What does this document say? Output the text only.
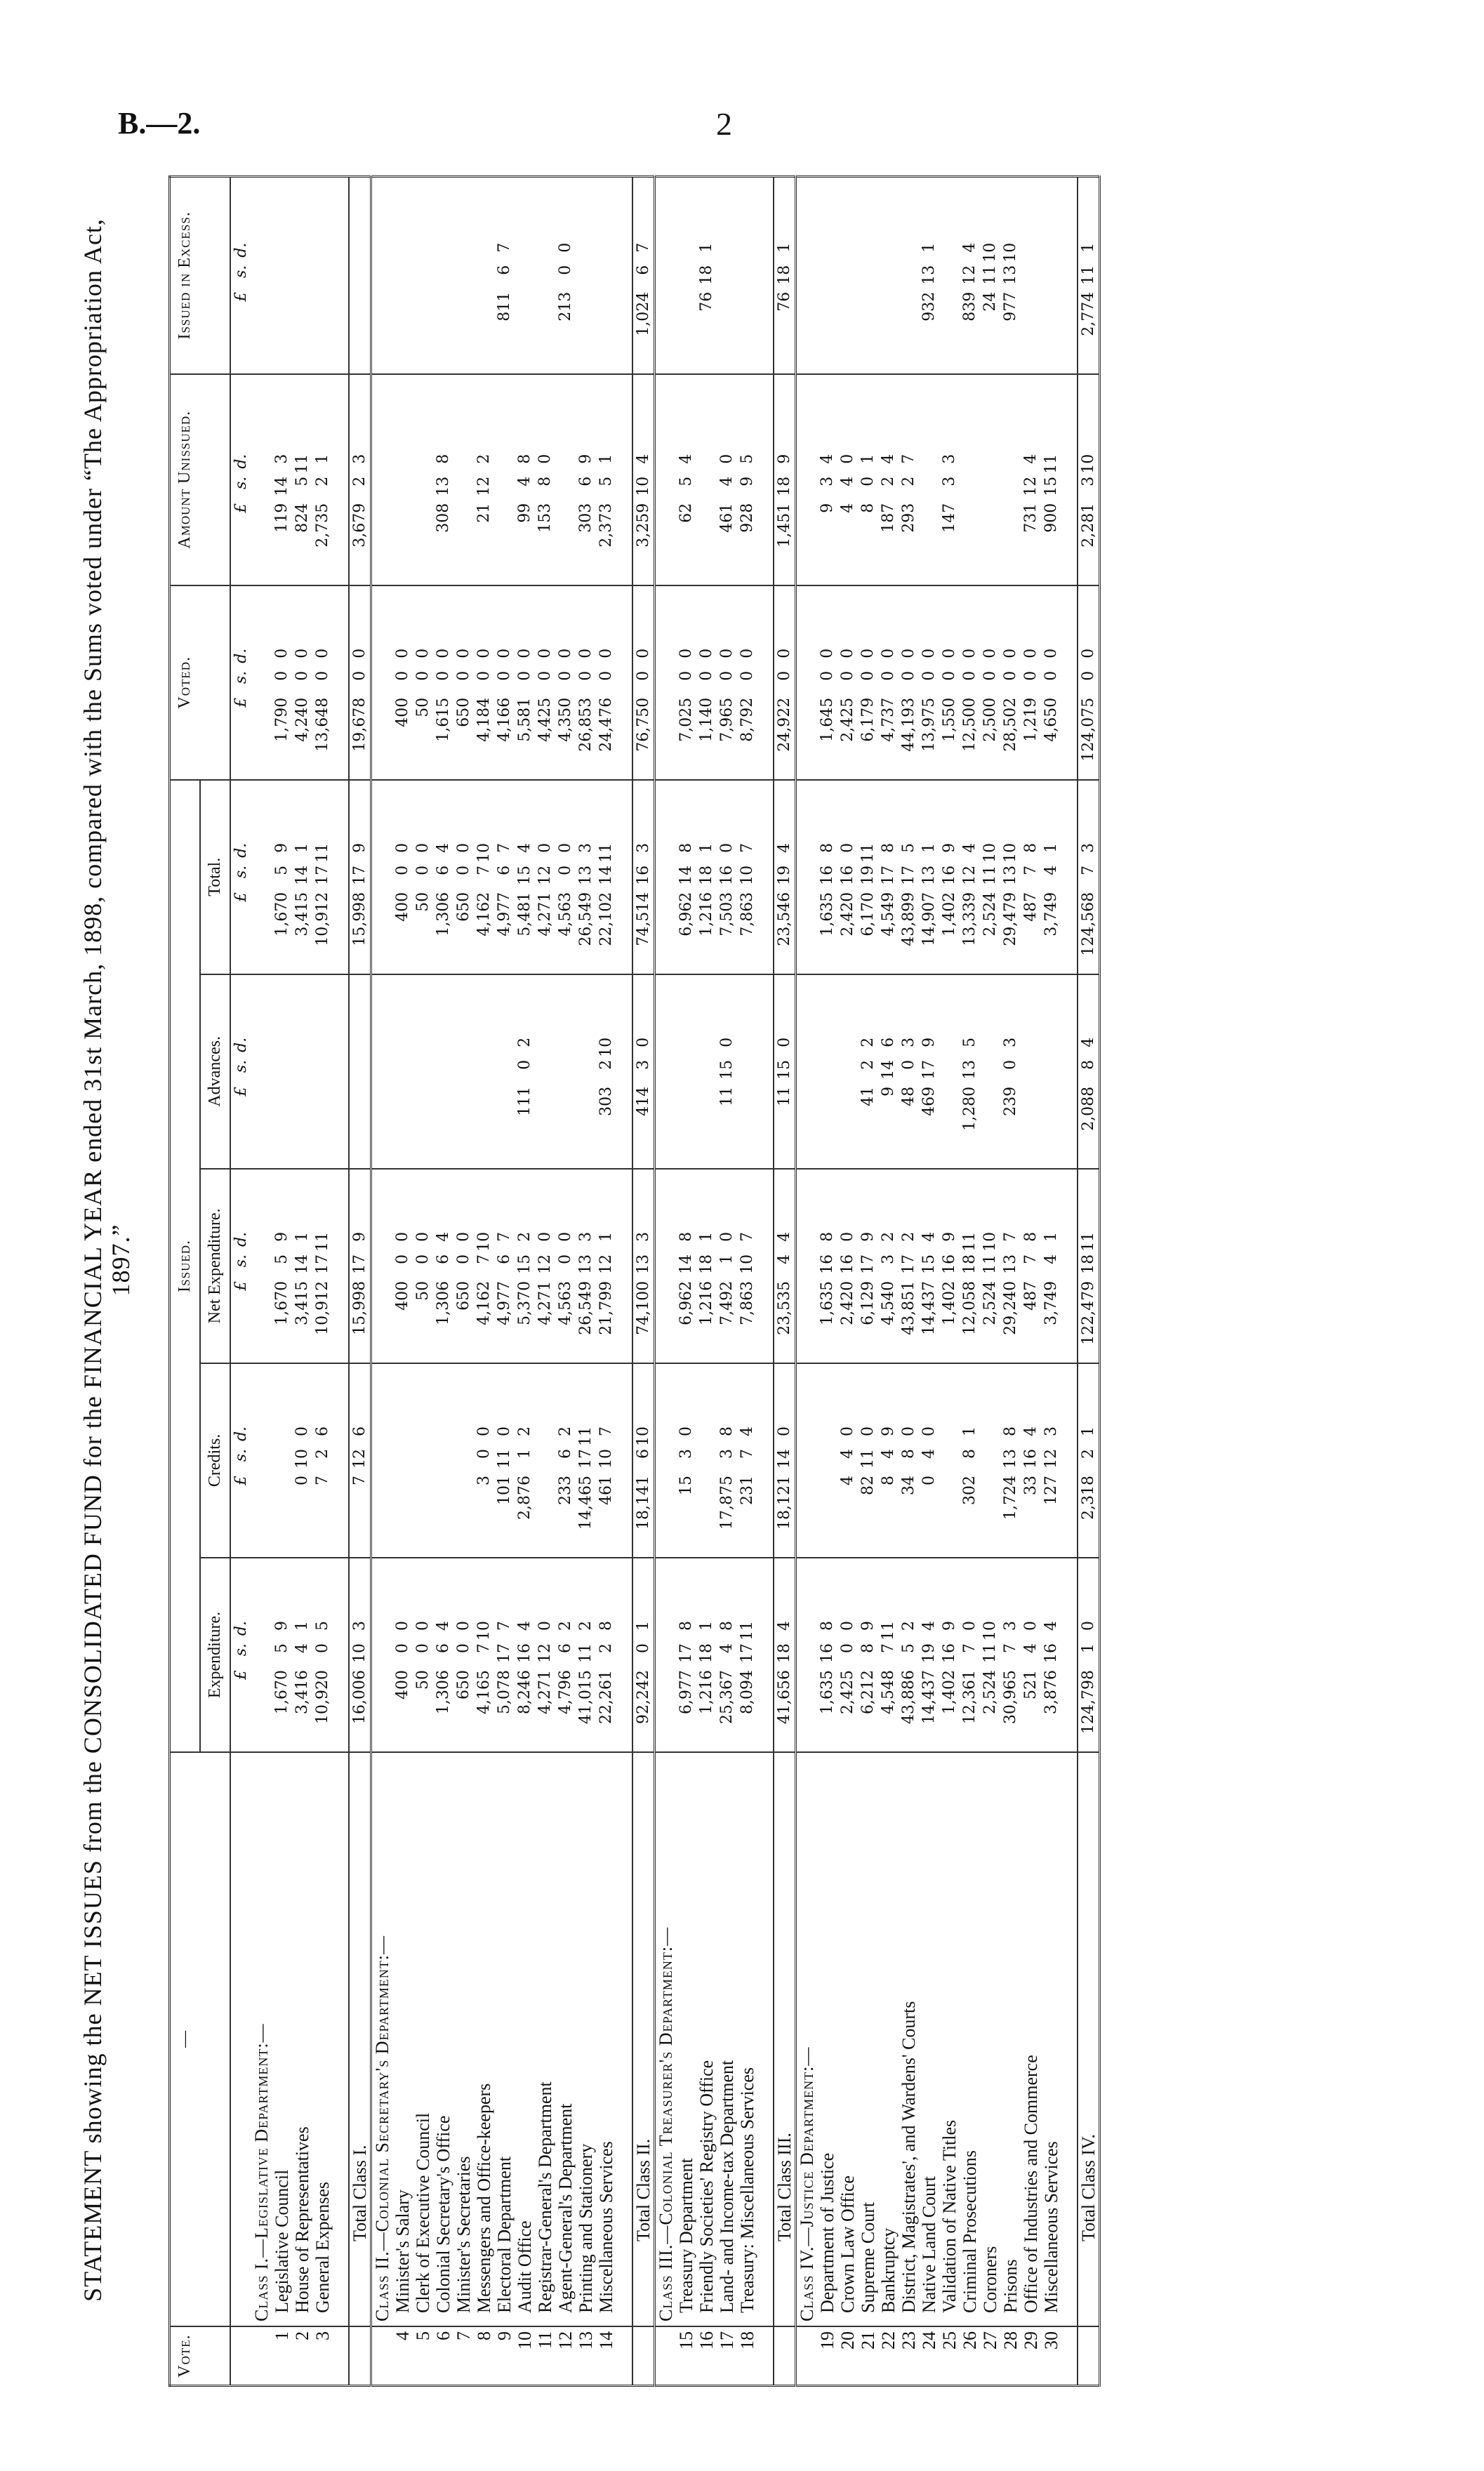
B.—2.	2
STATEMENT showing the NET ISSUES from the CONSOLIDATED FUND for the FINANCIAL YEAR ended 31st March, 1898, compared with the Sums voted under “The Appropriation Act, 1897.”
Vote.	—	Issued.					Voted.	Amount Unissued.	Issued in Excess.
		Expenditure.	Credits.	Net Expenditure.	Advances.	Total.			
		£s.d.	£s.d.	£s.d.	£s.d.	£s.d.	£s.d.	£s.d.	£s.d.
	Class I.—Legislative Department:—								
1	Legislative Council	1,67059		1,67059		1,67059	1,79000	119143	
2	House of Representatives	3,41641	0100	3,415141		3,415141	4,24000	824511	
3	General Expenses	10,92005	726	10,9121711		10,9121711	13,64800	2,73521	

	Total Class I.	16,006103	7126	15,998179		15,998179	19,67800	3,67923	
	Class II.—Colonial Secretary's Department:—								
4	Minister's Salary	40000		40000		40000	40000		
5	Clerk of Executive Council	5000		5000		5000	5000		
6	Colonial Secretary's Office	1,30664		1,30664		1,30664	1,61500	308138	
7	Minister's Secretaries	65000		65000		65000	65000		
8	Messengers and Office-keepers	4,165710	300	4,162710		4,162710	4,18400	21122	
9	Electoral Department	5,078177	101110	4,97767		4,97767	4,16600		81167
10	Audit Office	8,246164	2,87612	5,370152	11102	5,481154	5,58100	9948	
11	Registrar-General's Department	4,271120		4,271120		4,271120	4,42500	15380	
12	Agent-General's Department	4,79662	23362	4,56300		4,56300	4,35000		21300
13	Printing and Stationery	41,015112	14,4651711	26,549133		26,549133	26,85300	30369	
14	Miscellaneous Services	22,26128	461107	21,799121	303210	22,1021411	24,47600	2,37351	

	Total Class II.	92,24201	18,141610	74,100133	41430	74,514163	76,75000	3,259104	1,02467
	Class III.—Colonial Treasurer's Department:—								
15	Treasury Department	6,977178	1530	6,962148		6,962148	7,02500	6254	
16	Friendly Societies' Registry Office	1,216181		1,216181		1,216181	1,14000		76181
17	Land- and Income-tax Department	25,36748	17,87538	7,49210	11150	7,503160	7,96500	46140	
18	Treasury: Miscellaneous Services	8,0941711	23174	7,863107		7,863107	8,79200	92895	

	Total Class III.	41,656184	18,121140	23,53544	11150	23,546194	24,92200	1,451189	76181
	Class IV.—Justice Department:—								
19	Department of Justice	1,635168		1,635168		1,635168	1,64500	934	
20	Crown Law Office	2,42500	440	2,420160		2,420160	2,42500	440	
21	Supreme Court	6,21289	82110	6,129179	4122	6,1701911	6,17900	801	
22	Bankruptcy	4,548711	849	4,54032	9146	4,549178	4,73700	18724	
23	District, Magistrates', and Wardens' Courts	43,88652	3480	43,851172	4803	43,899175	44,19300	29327	
24	Native Land Court	14,437194	040	14,437154	469179	14,907131	13,97500		932131
25	Validation of Native Titles	1,402169		1,402169		1,402169	1,55000	14733	
26	Criminal Prosecutions	12,36170	30281	12,0581811	1,280135	13,339124	12,50000		839124
27	Coroners	2,5241110		2,5241110		2,5241110	2,50000		241110
28	Prisons	30,96573	1,724138	29,240137	23903	29,4791310	28,50200		9771310
29	Office of Industries and Commerce	52140	33164	48778		48778	1,21900	731124	
30	Miscellaneous Services	3,876164	127123	3,74941		3,74941	4,65000	9001511	

	Total Class IV.	124,79810	2,31821	122,4791811	2,08884	124,56873	124,07500	2,281310	2,774111
